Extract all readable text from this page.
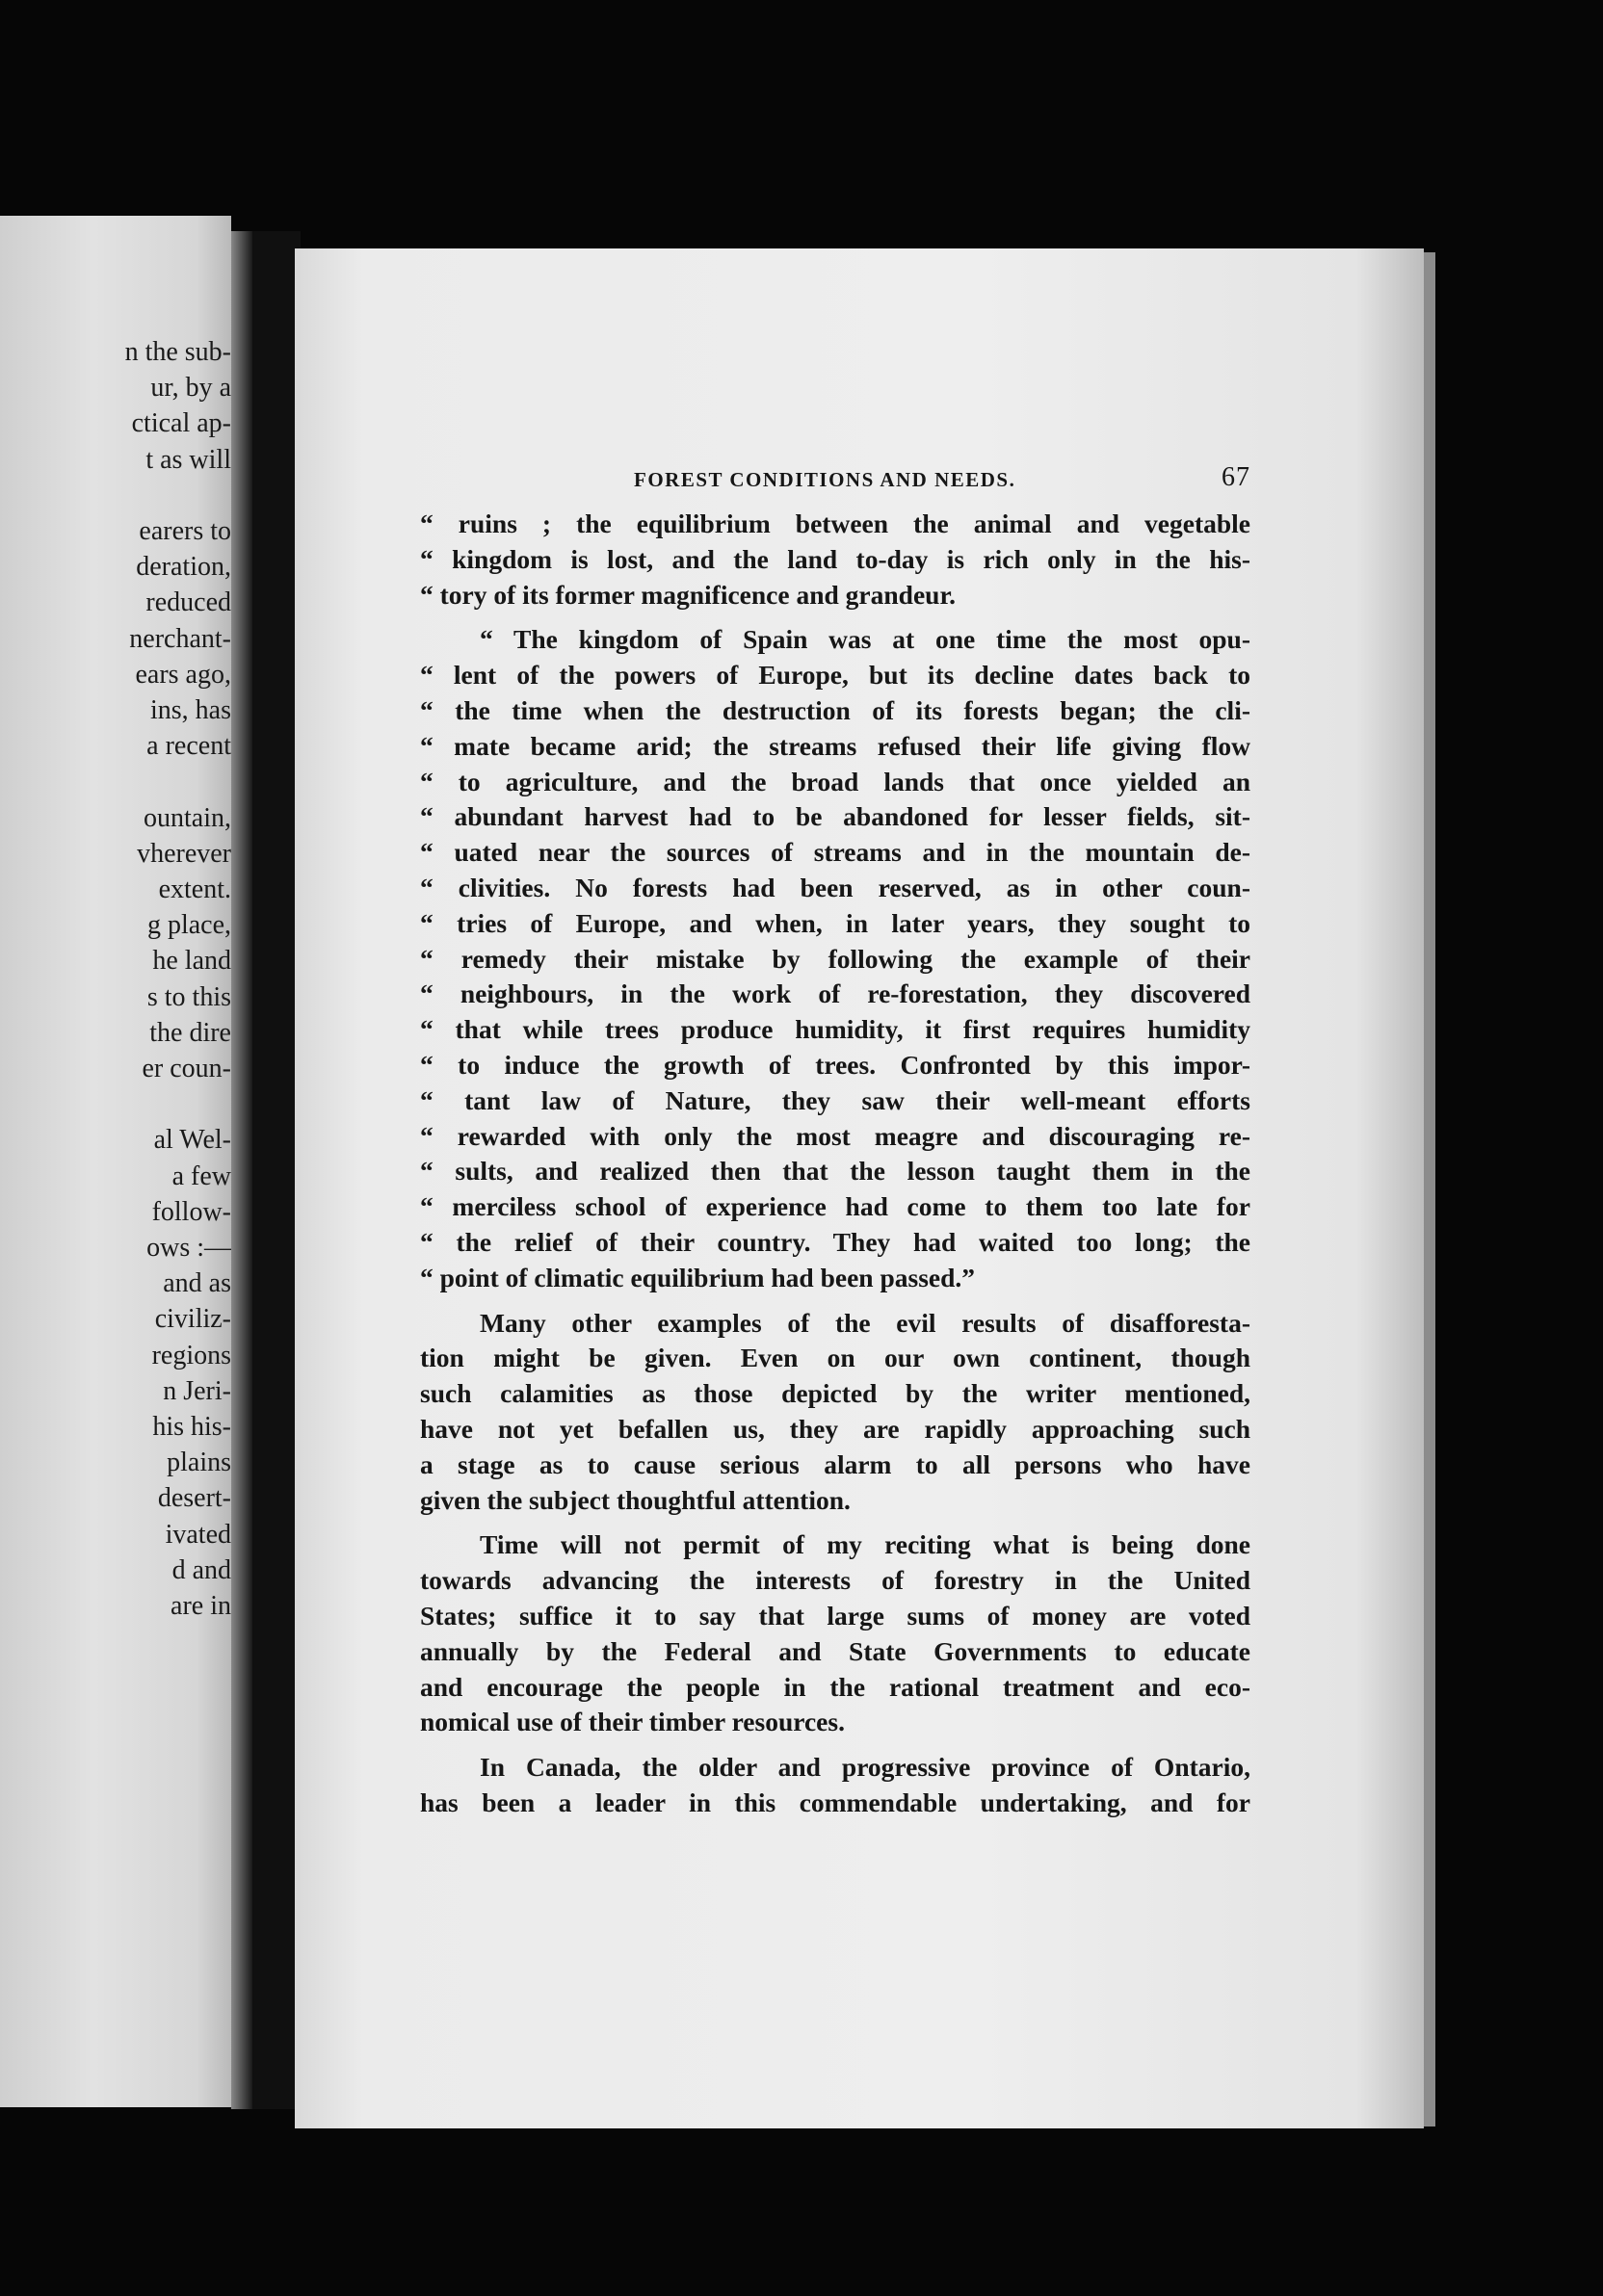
n the sub-
ur, by a
ctical ap-
t as will
earers to
deration,
reduced
nerchant-
ears ago,
ins, has
a recent
ountain,
vherever
extent.
g place,
he land
s to this
the dire
er coun-
al Wel-
a few
follow-
ows :—
and as
civiliz-
regions
n Jeri-
his his-
plains
desert-
ivated
d and
are in
FOREST CONDITIONS AND NEEDS.	67
“ ruins ; the equilibrium between the animal and vegetable
“ kingdom is lost, and the land to-day is rich only in the his-
“ tory of its former magnificence and grandeur.
“ The kingdom of Spain was at one time the most opu-
“ lent of the powers of Europe, but its decline dates back to
“ the time when the destruction of its forests began; the cli-
“ mate became arid; the streams refused their life giving flow
“ to agriculture, and the broad lands that once yielded an
“ abundant harvest had to be abandoned for lesser fields, sit-
“ uated near the sources of streams and in the mountain de-
“ clivities. No forests had been reserved, as in other coun-
“ tries of Europe, and when, in later years, they sought to
“ remedy their mistake by following the example of their
“ neighbours, in the work of re-forestation, they discovered
“ that while trees produce humidity, it first requires humidity
“ to induce the growth of trees. Confronted by this impor-
“ tant law of Nature, they saw their well-meant efforts
“ rewarded with only the most meagre and discouraging re-
“ sults, and realized then that the lesson taught them in the
“ merciless school of experience had come to them too late for
“ the relief of their country. They had waited too long; the
“ point of climatic equilibrium had been passed.”
Many other examples of the evil results of disafforesta-
tion might be given. Even on our own continent, though
such calamities as those depicted by the writer mentioned,
have not yet befallen us, they are rapidly approaching such
a stage as to cause serious alarm to all persons who have
given the subject thoughtful attention.
Time will not permit of my reciting what is being done
towards advancing the interests of forestry in the United
States; suffice it to say that large sums of money are voted
annually by the Federal and State Governments to educate
and encourage the people in the rational treatment and eco-
nomical use of their timber resources.
In Canada, the older and progressive province of Ontario,
has been a leader in this commendable undertaking, and for
